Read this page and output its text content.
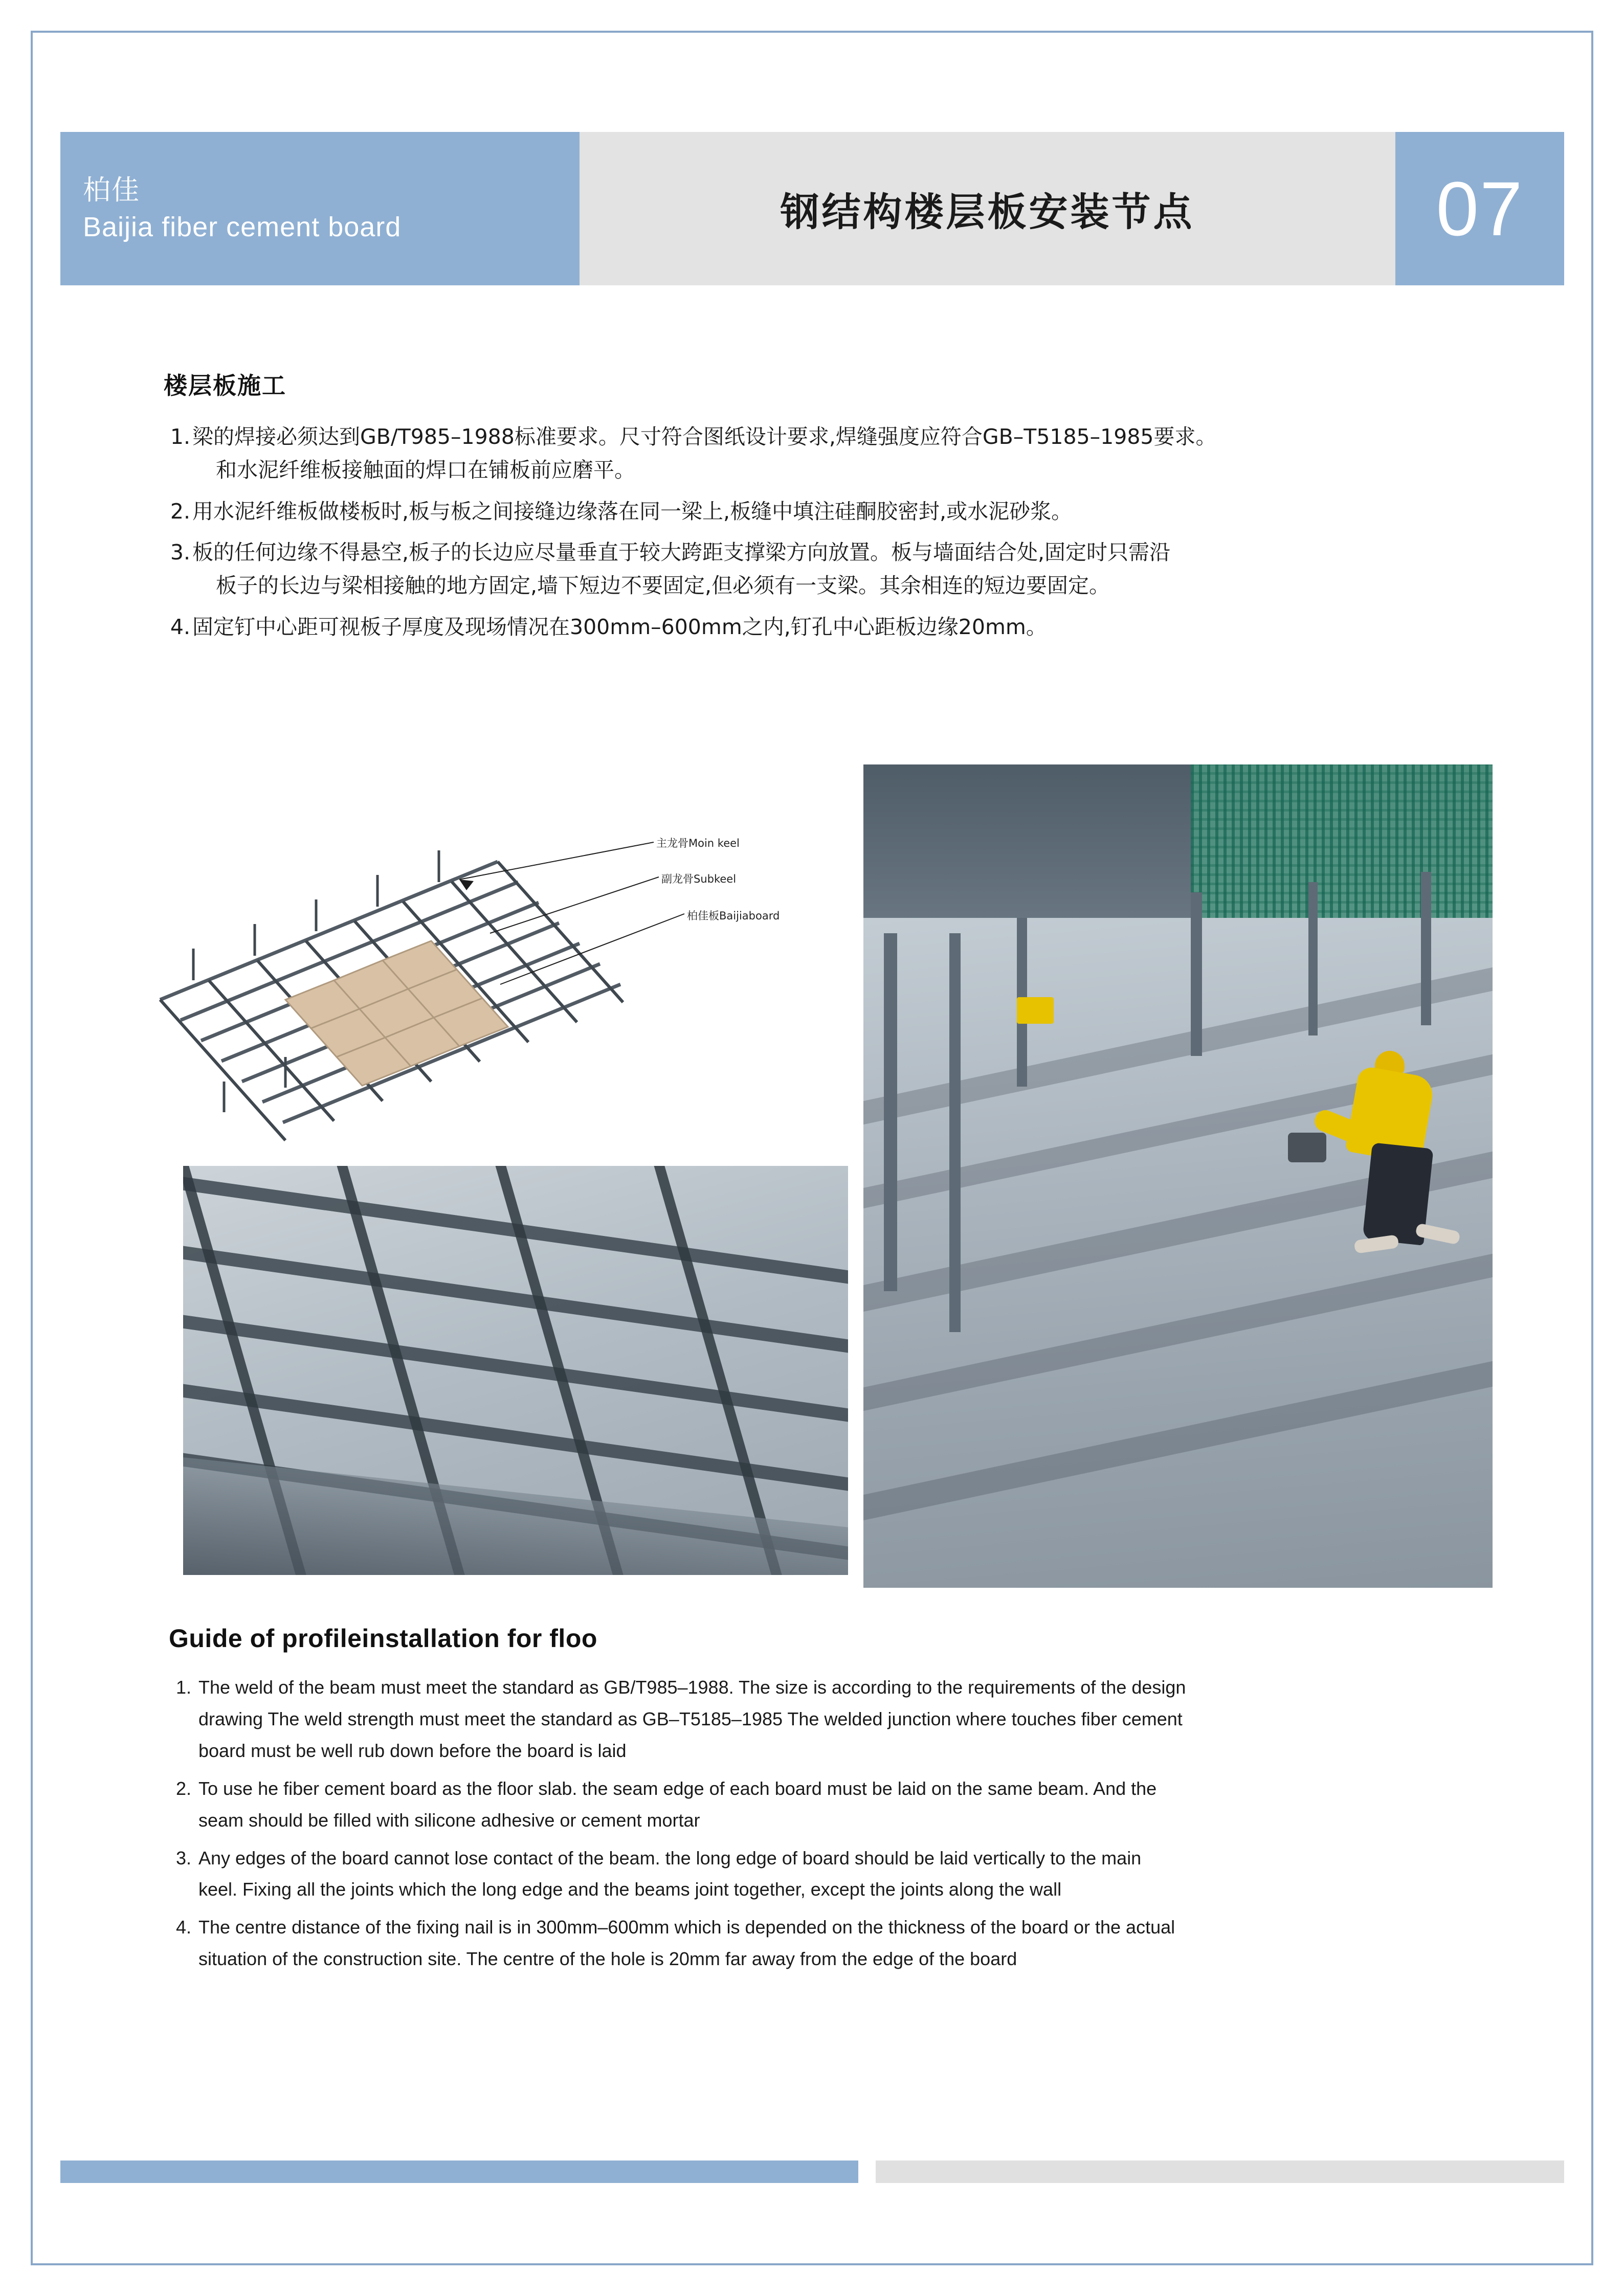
柏佳
Baijia fiber cement board	钢结构楼层板安装节点	07
楼层板施工
1. 梁的焊接必须达到GB/T985–1988标准要求。尺寸符合图纸设计要求,焊缝强度应符合GB–T5185–1985要求。
和水泥纤维板接触面的焊口在铺板前应磨平。
2. 用水泥纤维板做楼板时,板与板之间接缝边缘落在同一梁上,板缝中填注硅酮胶密封,或水泥砂浆。
3. 板的任何边缘不得悬空,板子的长边应尽量垂直于较大跨距支撑梁方向放置。板与墙面结合处,固定时只需沿
板子的长边与梁相接触的地方固定,墙下短边不要固定,但必须有一支梁。其余相连的短边要固定。
4. 固定钉中心距可视板子厚度及现场情况在300mm–600mm之内,钉孔中心距板边缘20mm。
主龙骨Moin keel
副龙骨Subkeel
柏佳板Baijiaboard
Guide of profileinstallation for floo
1. The weld of the beam must meet the standard as GB/T985–1988. The size is according to the requirements of the design
drawing The weld strength must meet the standard as GB–T5185–1985 The welded junction where touches fiber cement
board must be well rub down before the board is laid
2. To use he fiber cement board as the floor slab. the seam edge of each board must be laid on the same beam. And the
seam should be filled with silicone adhesive or cement mortar
3. Any edges of the board cannot lose contact of the beam. the long edge of board should be laid vertically to the main
keel. Fixing all the joints which the long edge and the beams joint together, except the joints along the wall
4. The centre distance of the fixing nail is in 300mm–600mm which is depended on the thickness of the board or the actual
situation of the construction site. The centre of the hole is 20mm far away from the edge of the board
